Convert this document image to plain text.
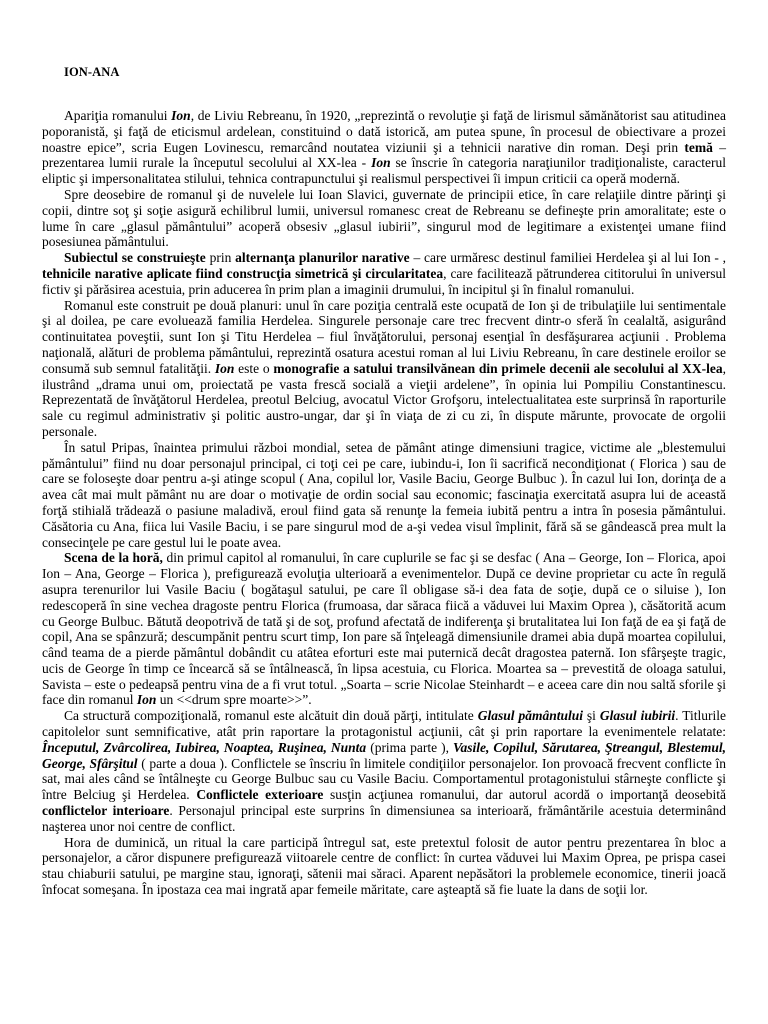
ION-ANA

Apariţia romanului Ion, de Liviu Rebreanu, în 1920, „reprezintă o revoluţie şi faţă de lirismul sămănătorist sau atitudinea poporanistă, şi faţă de eticismul ardelean, constituind o dată istorică, am putea spune, în procesul de obiectivare a prozei noastre epice”, scria Eugen Lovinescu, remarcând noutatea viziunii şi a tehnicii narative din roman. Deşi prin temă – prezentarea lumii rurale la începutul secolului al XX-lea - Ion se înscrie în categoria naraţiunilor tradiţionaliste, caracterul eliptic şi impersonalitatea stilului, tehnica contrapunctului şi realismul perspectivei îi impun criticii ca operă modernă.

Spre deosebire de romanul şi de nuvelele lui Ioan Slavici, guvernate de principii etice, în care relaţiile dintre părinţi şi copii, dintre soţ şi soţie asigură echilibrul lumii, universul romanesc creat de Rebreanu se defineşte prin amoralitate; este o lume în care „glasul pământului” acoperă obsesiv „glasul iubirii”, singurul mod de legitimare a existenţei umane fiind posesiunea pământului.

Subiectul se construieşte prin alternanţa planurilor narative – care urmăresc destinul familiei Herdelea şi al lui Ion - , tehnicile narative aplicate fiind construcţia simetrică şi circularitatea, care facilitează pătrunderea cititorului în universul fictiv şi părăsirea acestuia, prin aducerea în prim plan a imaginii drumului, în incipitul şi în finalul romanului.

Romanul este construit pe două planuri: unul în care poziţia centrală este ocupată de Ion şi de tribulaţiile lui sentimentale şi al doilea, pe care evoluează familia Herdelea. Singurele personaje care trec frecvent dintr-o sferă în cealaltă, asigurând continuitatea poveştii, sunt Ion şi Titu Herdelea – fiul învăţătorului, personaj esenţial în desfăşurarea acţiunii . Problema naţională, alături de problema pământului, reprezintă osatura acestui roman al lui Liviu Rebreanu, în care destinele eroilor se consumă sub semnul fatalităţii. Ion este o monografie a satului transilvănean din primele decenii ale secolului al XX-lea, ilustrând „drama unui om, proiectată pe vasta frescă socială a vieţii ardelene”, în opinia lui Pompiliu Constantinescu. Reprezentată de învăţătorul Herdelea, preotul Belciug, avocatul Victor Grofşoru, intelectualitatea este surprinsă în raporturile sale cu regimul administrativ şi politic austro-ungar, dar şi în viaţa de zi cu zi, în dispute mărunte, provocate de orgolii personale.

În satul Pripas, înaintea primului război mondial, setea de pământ atinge dimensiuni tragice, victime ale „blestemului pământului” fiind nu doar personajul principal, ci toţi cei pe care, iubindu-i, Ion îi sacrifică necondiţionat ( Florica ) sau de care se foloseşte doar pentru a-şi atinge scopul ( Ana, copilul lor, Vasile Baciu, George Bulbuc ). În cazul lui Ion, dorinţa de a avea cât mai mult pământ nu are doar o motivaţie de ordin social sau economic; fascinaţia exercitată asupra lui de această forţă stihială trădează o pasiune maladivă, eroul fiind gata să renunţe la femeia iubită pentru a intra în posesia pământului. Căsătoria cu Ana, fiica lui Vasile Baciu, i se pare singurul mod de a-şi vedea visul împlinit, fără să se gândească prea mult la consecinţele pe care gestul lui le poate avea.

Scena de la horă, din primul capitol al romanului, în care cuplurile se fac şi se desfac ( Ana – George, Ion – Florica, apoi Ion – Ana, George – Florica ), prefigurează evoluţia ulterioară a evenimentelor. După ce devine proprietar cu acte în regulă asupra terenurilor lui Vasile Baciu ( bogătaşul satului, pe care îl obligase să-i dea fata de soţie, după ce o siluise ), Ion redescoperă în sine vechea dragoste pentru Florica (frumoasa, dar săraca fiică a văduvei lui Maxim Oprea ), căsătorită acum cu George Bulbuc. Bătută deopotrivă de tată şi de soţ, profund afectată de indiferenţa şi brutalitatea lui Ion faţă de ea şi faţă de copil, Ana se spânzură; descumpănit pentru scurt timp, Ion pare să înţeleagă dimensiunile dramei abia după moartea copilului, când teama de a pierde pământul dobândit cu atâtea eforturi este mai puternică decât dragostea paternă. Ion sfârşeşte tragic, ucis de George în timp ce încearcă să se întâlnească, în lipsa acestuia, cu Florica. Moartea sa – prevestită de oloaga satului, Savista – este o pedeapsă pentru vina de a fi vrut totul. „Soarta – scrie Nicolae Steinhardt – e aceea care din nou saltă sforile şi face din romanul Ion un <<drum spre moarte>>”.

Ca structură compoziţională, romanul este alcătuit din două părţi, intitulate Glasul pământului şi Glasul iubirii. Titlurile capitolelor sunt semnificative, atât prin raportare la protagonistul acţiunii, cât şi prin raportare la evenimentele relatate: Începutul, Zvârcolirea, Iubirea, Noaptea, Ruşinea, Nunta (prima parte ), Vasile, Copilul, Sărutarea, Ştreangul, Blestemul, George, Sfârşitul ( parte a doua ). Conflictele se înscriu în limitele condiţiilor personajelor. Ion provoacă frecvent conflicte în sat, mai ales când se întâlneşte cu George Bulbuc sau cu Vasile Baciu. Comportamentul protagonistului stârneşte conflicte şi între Belciug şi Herdelea. Conflictele exterioare susţin acţiunea romanului, dar autorul acordă o importanţă deosebită conflictelor interioare. Personajul principal este surprins în dimensiunea sa interioară, frământările acestuia determinând naşterea unor noi centre de conflict.

Hora de duminică, un ritual la care participă întregul sat, este pretextul folosit de autor pentru prezentarea în bloc a personajelor, a căror dispunere prefigurează viitoarele centre de conflict: în curtea văduvei lui Maxim Oprea, pe prispa casei stau chiaburii satului, pe margine stau, ignoraţi, sătenii mai săraci. Aparent nepăsători la problemele economice, tinerii joacă înfocat someşana. În ipostaza cea mai ingrată apar femeile măritate, care aşteaptă să fie luate la dans de soţii lor.
